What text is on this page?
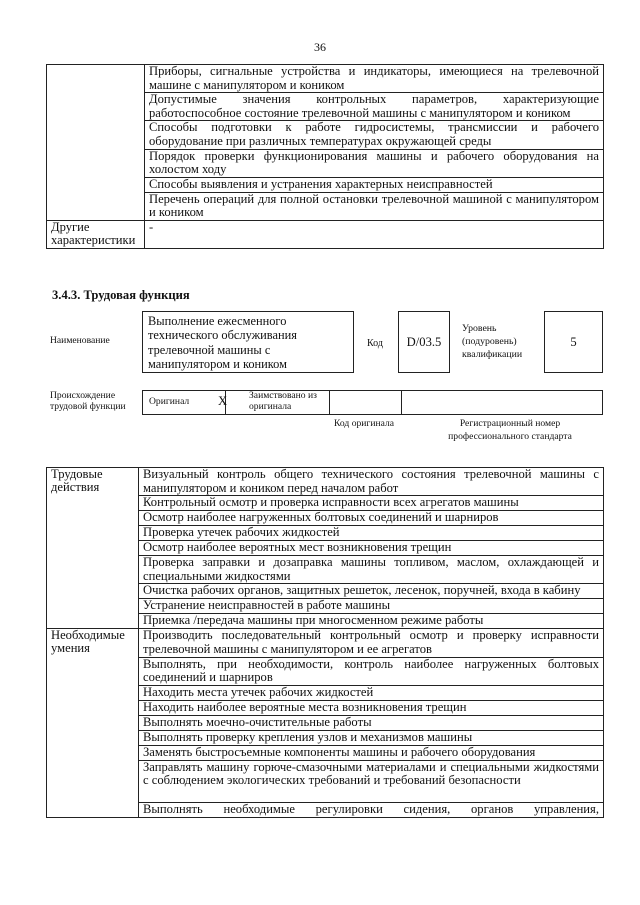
36
	Приборы, сигнальные устройства и индикаторы, имеющиеся на трелевочной машине с манипулятором и коником
	Допустимые значения контрольных параметров, характеризующие работоспособное состояние трелевочной машины с манипулятором и коником
	Способы подготовки к работе гидросистемы, трансмиссии и рабочего оборудование при различных температурах окружающей среды
	Порядок проверки функционирования машины и рабочего оборудования на холостом ходу
	Способы выявления и устранения характерных неисправностей
	Перечень операций для полной остановки трелевочной машиной с манипулятором и коником
Другие характеристики	-
3.4.3. Трудовая функция
Наименование
Выполнение ежесменного технического обслуживания трелевочной машины с манипулятором и коником
Код	D/03.5
Уровень (подуровень) квалификации
5
Происхождение трудовой функции	Оригинал X Заимствовано из оригинала
Код оригинала	Регистрационный номер профессионального стандарта
Трудовые действия	Визуальный контроль общего технического состояния трелевочной машины с манипулятором и коником перед началом работ
	Контрольный осмотр и проверка исправности всех агрегатов машины
	Осмотр наиболее нагруженных болтовых соединений и шарниров
	Проверка утечек рабочих жидкостей
	Осмотр наиболее вероятных мест возникновения трещин
	Проверка заправки и дозаправка машины топливом, маслом, охлаждающей и специальными жидкостями
	Очистка рабочих органов, защитных решеток, лесенок, поручней, входа в кабину
	Устранение неисправностей в работе машины
	Приемка /передача машины при многосменном режиме работы
Необходимые умения	Производить последовательный контрольный осмотр и проверку исправности трелевочной машины с манипулятором и ее агрегатов
	Выполнять, при необходимости, контроль наиболее нагруженных болтовых соединений и шарниров
	Находить места утечек рабочих жидкостей
	Находить наиболее вероятные места возникновения трещин
	Выполнять моечно-очистительные работы
	Выполнять проверку крепления узлов и механизмов машины
	Заменять быстросъемные компоненты машины и рабочего оборудования
	Заправлять машину горюче-смазочными материалами и специальными жидкостями с соблюдением экологических требований и требований безопасности
	Выполнять необходимые регулировки сидения, органов управления,
